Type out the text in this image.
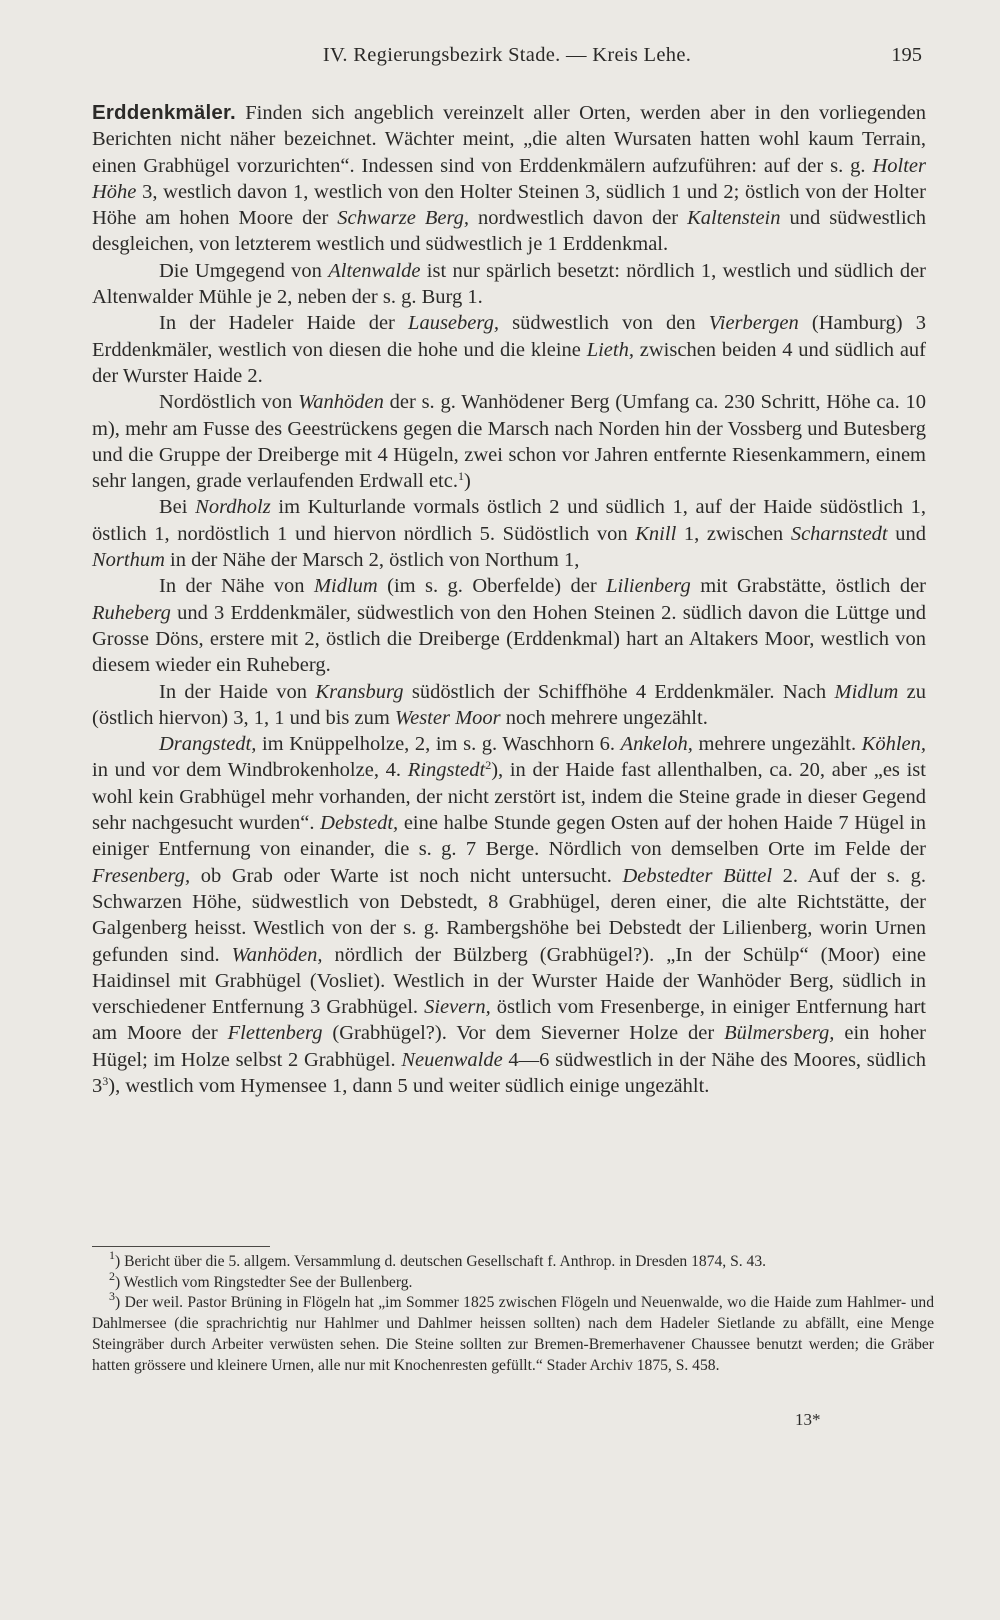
IV. Regierungsbezirk Stade. — Kreis Lehe.	195

Erddenkmäler. Finden sich angeblich vereinzelt aller Orten, werden aber in den vorliegenden Berichten nicht näher bezeichnet. Wächter meint, „die alten Wursaten hatten wohl kaum Terrain, einen Grabhügel vorzurichten“. Indessen sind von Erddenkmälern aufzuführen: auf der s. g. Holter Höhe 3, westlich davon 1, westlich von den Holter Steinen 3, südlich 1 und 2; östlich von der Holter Höhe am hohen Moore der Schwarze Berg, nordwestlich davon der Kaltenstein und südwestlich desgleichen, von letzterem westlich und südwestlich je 1 Erddenkmal.

Die Umgegend von Altenwalde ist nur spärlich besetzt: nördlich 1, westlich und südlich der Altenwalder Mühle je 2, neben der s. g. Burg 1.

In der Hadeler Haide der Lauseberg, südwestlich von den Vierbergen (Hamburg) 3 Erddenkmäler, westlich von diesen die hohe und die kleine Lieth, zwischen beiden 4 und südlich auf der Wurster Haide 2.

Nordöstlich von Wanhöden der s. g. Wanhödener Berg (Umfang ca. 230 Schritt, Höhe ca. 10 m), mehr am Fusse des Geestrückens gegen die Marsch nach Norden hin der Vossberg und Butesberg und die Gruppe der Dreiberge mit 4 Hügeln, zwei schon vor Jahren entfernte Riesenkammern, einem sehr langen, grade verlaufenden Erdwall etc.$^1$)

Bei Nordholz im Kulturlande vormals östlich 2 und südlich 1, auf der Haide südöstlich 1, östlich 1, nordöstlich 1 und hiervon nördlich 5. Südöstlich von Knill 1, zwischen Scharnstedt und Northum in der Nähe der Marsch 2, östlich von Northum 1,

In der Nähe von Midlum (im s. g. Oberfelde) der Lilienberg mit Grabstätte, östlich der Ruheberg und 3 Erddenkmäler, südwestlich von den Hohen Steinen 2. südlich davon die Lüttge und Grosse Döns, erstere mit 2, östlich die Dreiberge (Erddenkmal) hart an Altakers Moor, westlich von diesem wieder ein Ruheberg.

In der Haide von Kransburg südöstlich der Schiffhöhe 4 Erddenkmäler. Nach Midlum zu (östlich hiervon) 3, 1, 1 und bis zum Wester Moor noch mehrere ungezählt.

Drangstedt, im Knüppelholze, 2, im s. g. Waschhorn 6. Ankeloh, mehrere ungezählt. Köhlen, in und vor dem Windbrokenholze, 4. Ringstedt$^2$), in der Haide fast allenthalben, ca. 20, aber „es ist wohl kein Grabhügel mehr vorhanden, der nicht zerstört ist, indem die Steine grade in dieser Gegend sehr nachgesucht wurden“. Debstedt, eine halbe Stunde gegen Osten auf der hohen Haide 7 Hügel in einiger Entfernung von einander, die s. g. 7 Berge. Nördlich von demselben Orte im Felde der Fresenberg, ob Grab oder Warte ist noch nicht untersucht. Debstedter Büttel 2. Auf der s. g. Schwarzen Höhe, südwestlich von Debstedt, 8 Grabhügel, deren einer, die alte Richtstätte, der Galgenberg heisst. Westlich von der s. g. Rambergshöhe bei Debstedt der Lilienberg, worin Urnen gefunden sind. Wanhöden, nördlich der Bülzberg (Grabhügel?). „In der Schülp“ (Moor) eine Haidinsel mit Grabhügel (Vosliet). Westlich in der Wurster Haide der Wanhöder Berg, südlich in verschiedener Entfernung 3 Grabhügel. Sievern, östlich vom Fresenberge, in einiger Entfernung hart am Moore der Flettenberg (Grabhügel?). Vor dem Sieverner Holze der Bülmersberg, ein hoher Hügel; im Holze selbst 2 Grabhügel. Neuenwalde 4—6 südwestlich in der Nähe des Moores, südlich $3^3$), westlich vom Hymensee 1, dann 5 und weiter südlich einige ungezählt.

$^1$) Bericht über die 5. allgem. Versammlung d. deutschen Gesellschaft f. Anthrop. in Dresden 1874, S. 43.

$^2$) Westlich vom Ringstedter See der Bullenberg.

$^3$) Der weil. Pastor Brüning in Flögeln hat „im Sommer 1825 zwischen Flögeln und Neuenwalde, wo die Haide zum Hahlmer- und Dahlmersee (die sprachrichtig nur Hahlmer und Dahlmer heissen sollten) nach dem Hadeler Sietlande zu abfällt, eine Menge Steingräber durch Arbeiter verwüsten sehen. Die Steine sollten zur Bremen-Bremerhavener Chaussee benutzt werden; die Gräber hatten grössere und kleinere Urnen, alle nur mit Knochenresten gefüllt.“ Stader Archiv 1875, S. 458.

13*
